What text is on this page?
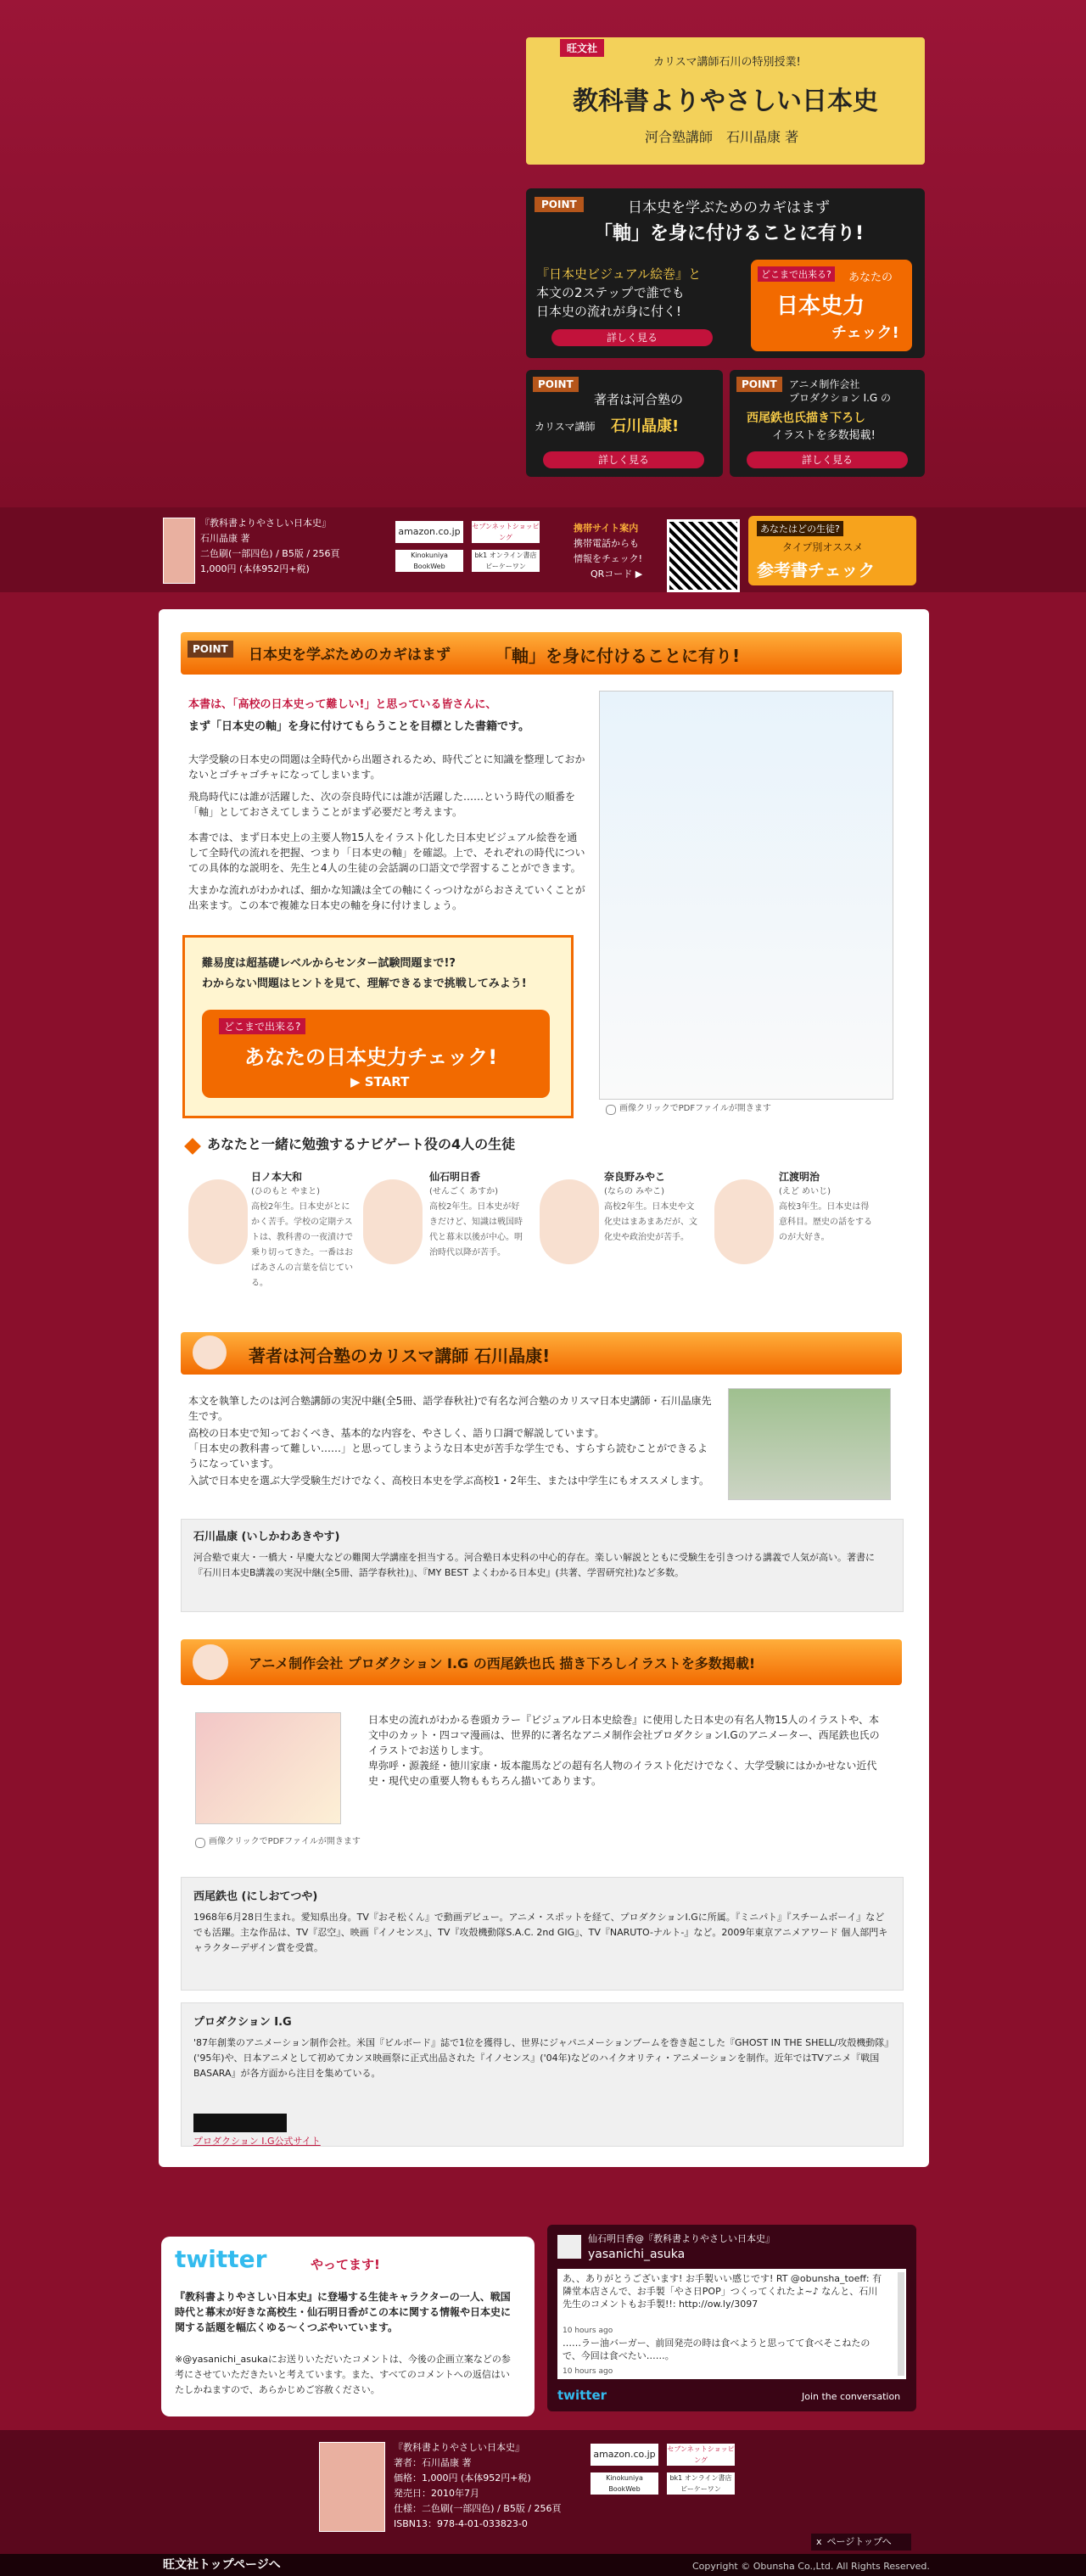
旺文社
カリスマ講師石川の特別授業!
教科書よりやさしい日本史
河合塾講師　石川晶康 著
POINT	日本史を学ぶためのカギはまず
「軸」を身に付けることに有り!
『日本史ビジュアル絵巻』と
本文の2ステップで誰でも
日本史の流れが身に付く!
どこまで出来る?	あなたの
日本史力
チェック!
詳しく見る
POINT
著者は河合塾の
カリスマ講師 石川晶康!
詳しく見る
POINT	アニメ制作会社
プロダクション I.G の
西尾鉄也氏描き下ろし
イラストを多数掲載!
詳しく見る
『教科書よりやさしい日本史』
石川晶康 著
二色刷(一部四色) / B5版 / 256頁
1,000円 (本体952円+税)
amazon.co.jp	セブンネットショッピング
Kinokuniya BookWeb
bk1 オンライン書店 ビーケーワン
携帯サイト案内
携帯電話からも
情報をチェック!
QRコード ▶
あなたはどの生徒?
タイプ別オススメ
参考書チェック
POINT	日本史を学ぶためのカギはまず	「軸」を身に付けることに有り!
本書は、「高校の日本史って難しい!」と思っている皆さんに、
まず「日本史の軸」を身に付けてもらうことを目標とした書籍です。
大学受験の日本史の問題は全時代から出題されるため、時代ごとに知識を整理しておかないとゴチャゴチャになってしまいます。
飛鳥時代には誰が活躍した、次の奈良時代には誰が活躍した……という時代の順番を「軸」としておさえてしまうことがまず必要だと考えます。
本書では、まず日本史上の主要人物15人をイラスト化した日本史ビジュアル絵巻を通して全時代の流れを把握、つまり「日本史の軸」を確認。上で、それぞれの時代についての具体的な説明を、先生と4人の生徒の会話調の口語文で学習することができます。
大まかな流れがわかれば、細かな知識は全ての軸にくっつけながらおさえていくことが出来ます。この本で複雑な日本史の軸を身に付けましょう。
難易度は超基礎レベルからセンター試験問題まで!?
わからない問題はヒントを見て、理解できるまで挑戦してみよう!
どこまで出来る?
あなたの日本史力チェック!
▶ START
画像クリックでPDFファイルが開きます
あなたと一緒に勉強するナビゲート役の4人の生徒
日ノ本大和
(ひのもと やまと)
高校2年生。日本史がとにかく苦手。学校の定期テストは、教科書の一夜漬けで乗り切ってきた。一番はおばあさんの言葉を信じている。
仙石明日香
(せんごく あすか)
高校2年生。日本史が好きだけど、知識は戦国時代と幕末以後が中心。明治時代以降が苦手。
奈良野みやこ
(ならの みやこ)
高校2年生。日本史や文化史はまあまあだが、文化史や政治史が苦手。
江渡明治
(えど めいじ)
高校3年生。日本史は得意科目。歴史の話をするのが大好き。
著者は河合塾のカリスマ講師 石川晶康!
本文を執筆したのは河合塾講師の実況中継(全5冊、語学春秋社)で有名な河合塾のカリスマ日本史講師・石川晶康先生です。
高校の日本史で知っておくべき、基本的な内容を、やさしく、語り口調で解説しています。
「日本史の教科書って難しい……」と思ってしまうような日本史が苦手な学生でも、すらすら読むことができるようになっています。
入試で日本史を選ぶ大学受験生だけでなく、高校日本史を学ぶ高校1・2年生、または中学生にもオススメします。
石川晶康 (いしかわあきやす)
河合塾で東大・一橋大・早慶大などの難関大学講座を担当する。河合塾日本史科の中心的存在。楽しい解説とともに受験生を引きつける講義で人気が高い。著書に『石川日本史B講義の実況中継(全5冊、語学春秋社)』、『MY BEST よくわかる日本史』(共著、学習研究社)など多数。
アニメ制作会社 プロダクション I.G の西尾鉄也氏 描き下ろしイラストを多数掲載!
画像クリックでPDFファイルが開きます
日本史の流れがわかる巻頭カラー『ビジュアル日本史絵巻』に使用した日本史の有名人物15人のイラストや、本文中のカット・四コマ漫画は、世界的に著名なアニメ制作会社プロダクションI.Gのアニメーター、西尾鉄也氏のイラストでお送りします。
卑弥呼・源義経・徳川家康・坂本龍馬などの超有名人物のイラスト化だけでなく、大学受験にはかかせない近代史・現代史の重要人物ももちろん描いてあります。
西尾鉄也 (にしおてつや)
1968年6月28日生まれ。愛知県出身。TV『おそ松くん』で動画デビュー。アニメ・スポットを経て、プロダクションI.Gに所属。『ミニパト』『スチームボーイ』などでも活躍。主な作品は、TV『忍空』、映画『イノセンス』、TV『攻殻機動隊S.A.C. 2nd GIG』、TV『NARUTO-ナルト-』など。2009年東京アニメアワード 個人部門キャラクターデザイン賞を受賞。
プロダクション I.G
'87年創業のアニメーション制作会社。米国『ビルボード』誌で1位を獲得し、世界にジャパニメーションブームを巻き起こした『GHOST IN THE SHELL/攻殻機動隊』('95年)や、日本アニメとして初めてカンヌ映画祭に正式出品された『イノセンス』('04年)などのハイクオリティ・アニメーションを制作。近年ではTVアニメ『戦国BASARA』が各方面から注目を集めている。
プロダクション I.G公式サイト
twitter	やってます!
『教科書よりやさしい日本史』に登場する生徒キャラクターの一人、戦国時代と幕末が好きな高校生・仙石明日香がこの本に関する情報や日本史に関する話題を幅広くゆる〜くつぶやいています。
※@yasanichi_asukaにお送りいただいたコメントは、今後の企画立案などの参考にさせていただきたいと考えています。また、すべてのコメントへの返信はいたしかねますので、あらかじめご容赦ください。
仙石明日香@『教科書よりやさしい日本史』
yasanichi_asuka
あ、、ありがとうございます! お手製いい感じです! RT @obunsha_toeff: 有隣堂本店さんで、お手製「やさ日POP」つくってくれたよ~♪ なんと、石川先生のコメントもお手製!!: http://ow.ly/3097
10 hours ago
……ラー油バーガー、前回発売の時は食べようと思ってて食べそこねたので、今回は食べたい……。
10 hours ago
twitter	Join the conversation
『教科書よりやさしい日本史』
著者：石川晶康 著
価格：1,000円 (本体952円+税)
発売日：2010年7月
仕様：二色刷(一部四色) / B5版 / 256頁
ISBN13：978-4-01-033823-0
amazon.co.jp	セブンネットショッピング
Kinokuniya BookWeb
bk1 オンライン書店 ビーケーワン
x ページトップへ
旺文社トップページへ	Copyright © Obunsha Co.,Ltd. All Rights Reserved.
